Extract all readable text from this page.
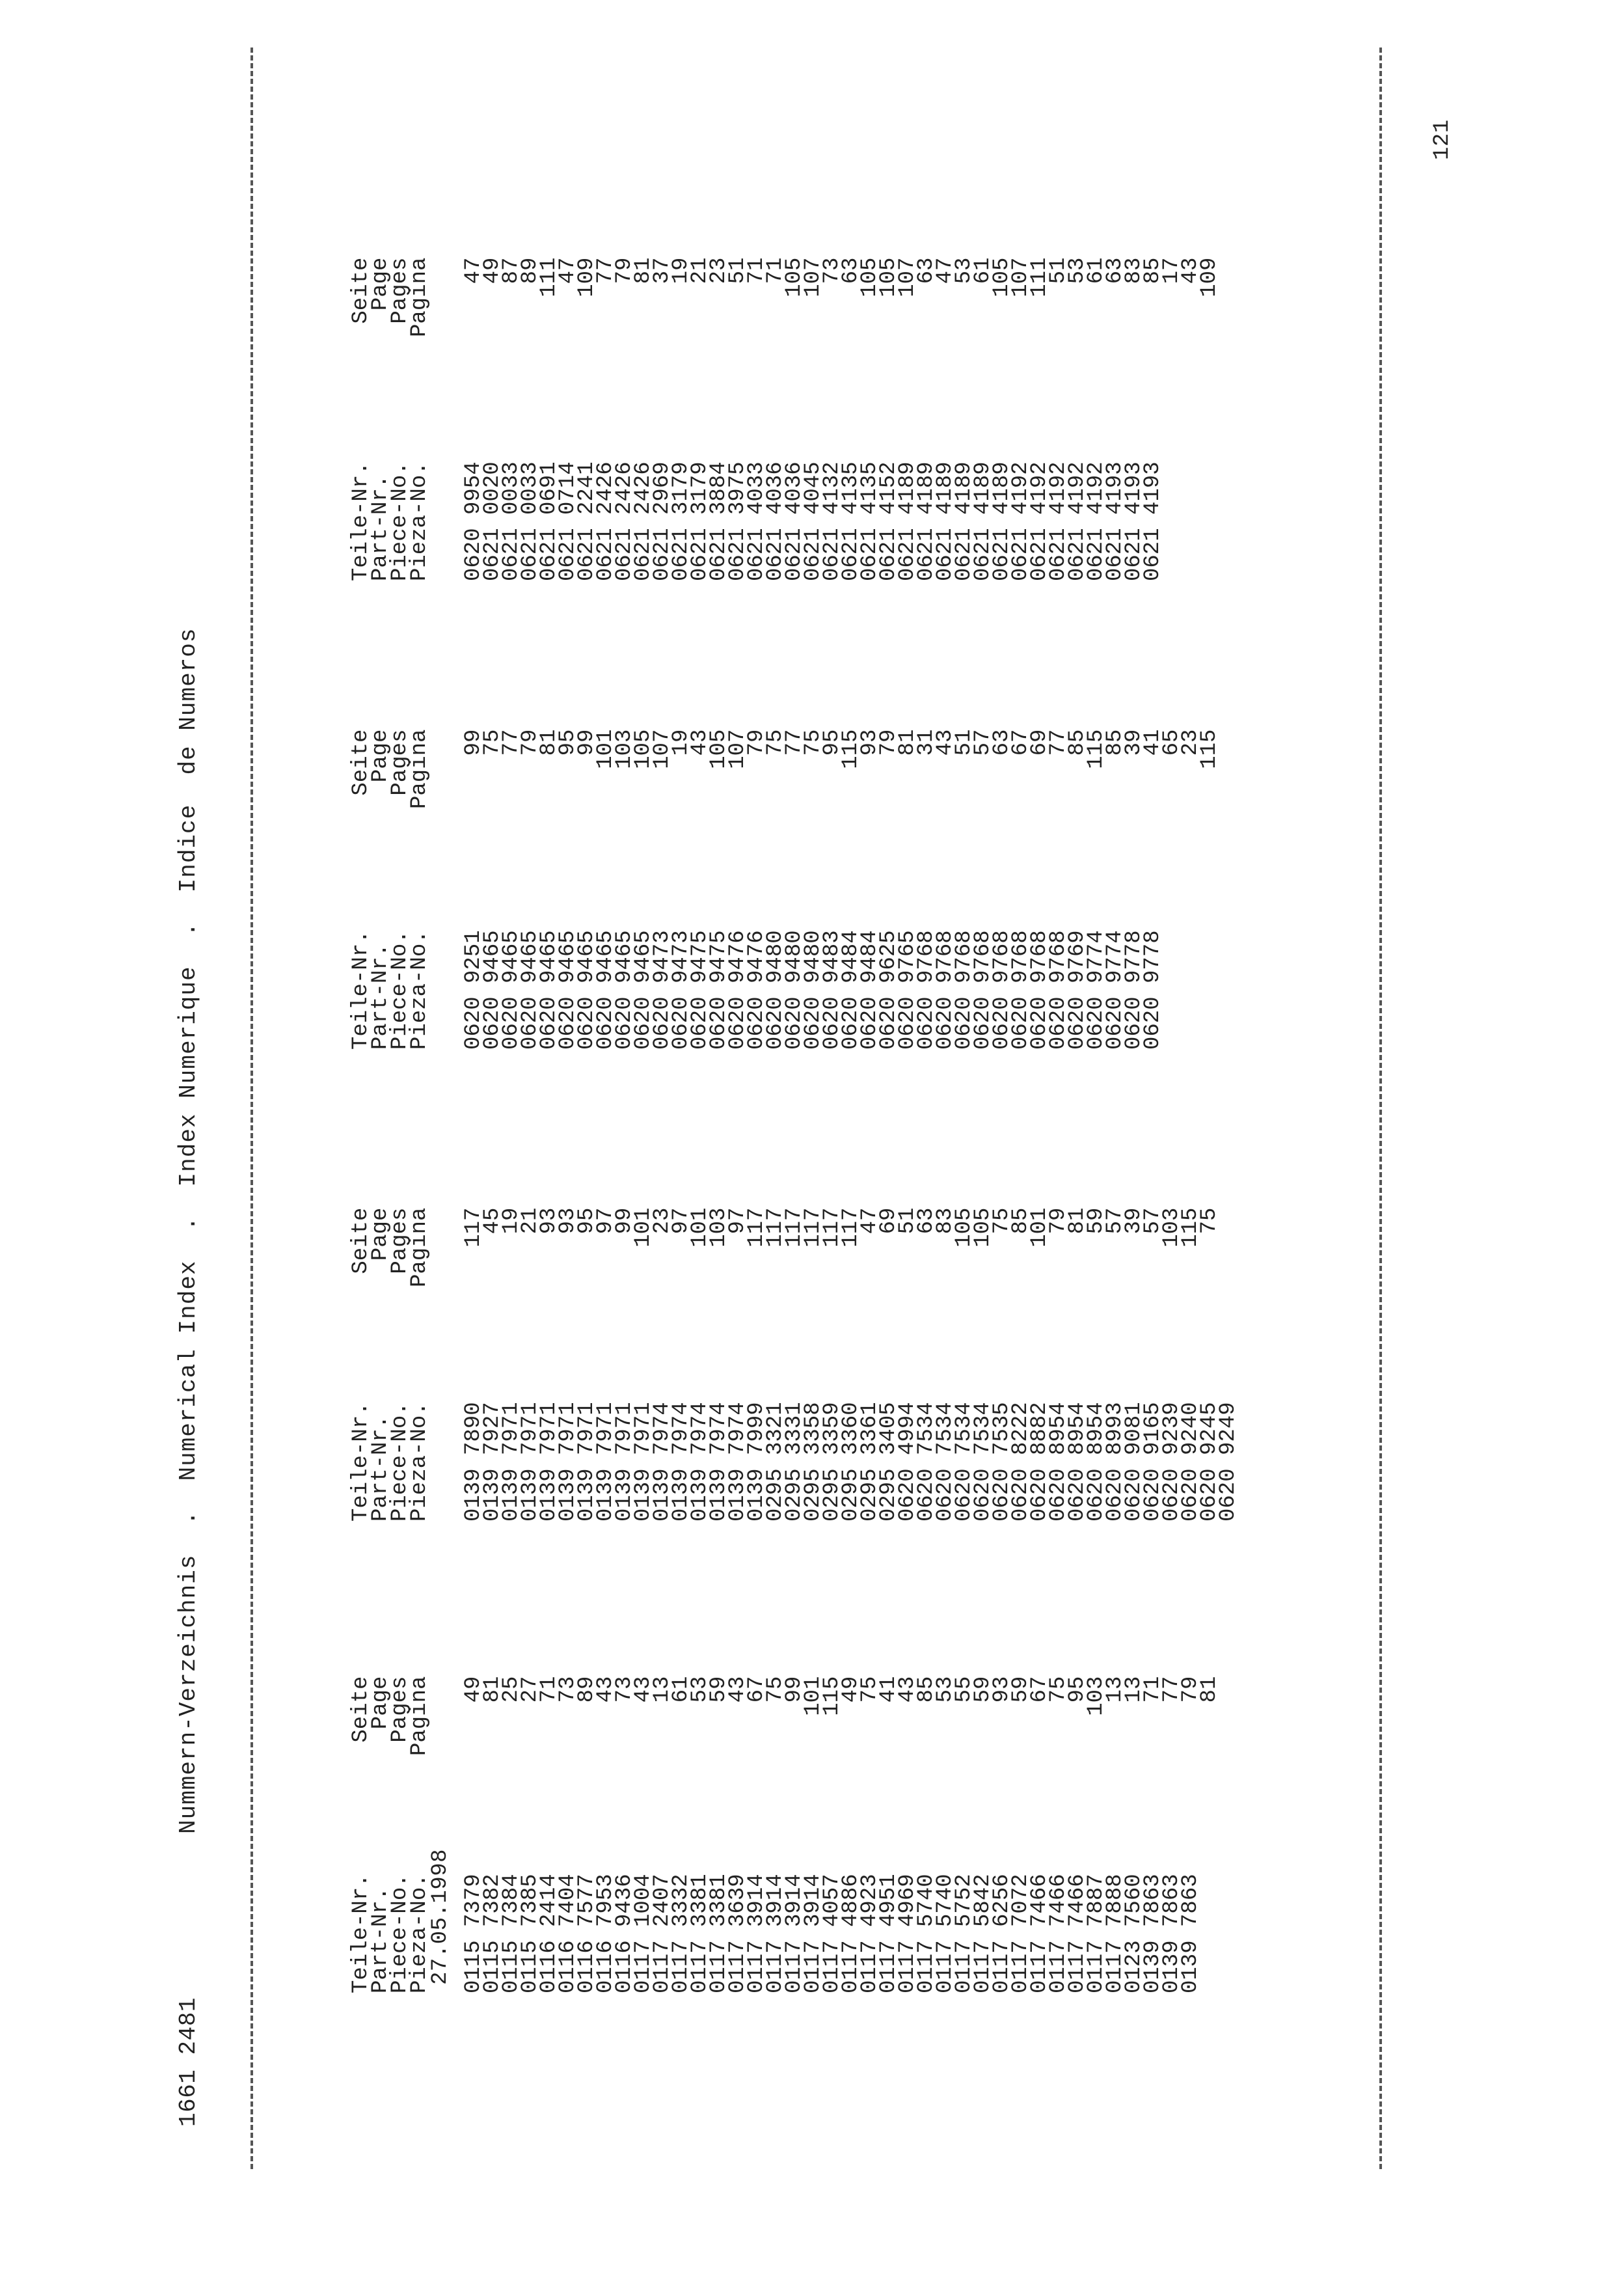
1661 2481
Nummern-Verzeichnis  .  Numerical Index  .  Index Numerique  .  Indice  de Numeros
27.05.1998
121
Teile-Nr.
Part-Nr.
Piece-No.
Pieza-No. 0115 7379
0115 7382
0115 7384
0115 7385
0116 2414
0116 7404
0116 7577
0116 7953
0116 9436
0117 1004
0117 2407
0117 3332
0117 3381
0117 3381
0117 3639
0117 3914
0117 3914
0117 3914
0117 3914
0117 4057
0117 4886
0117 4923
0117 4951
0117 4969
0117 5740
0117 5740
0117 5752
0117 5842
0117 6256
0117 7072
0117 7466
0117 7466
0117 7466
0117 7887
0117 7888
0123 7560
0139 7863
0139 7863
0139 7863
Seite
Page
Pages
Pagina 49
81
25
27
71
73
89
43
73
43
13
61
53
59
43
67
75
99
101
115
49
75
41
43
85
53
55
59
93
59
67
75
95
103
13
13
71
77
79
81
Teile-Nr.
Part-Nr.
Piece-No.
Pieza-No. 0139 7890
0139 7927
0139 7971
0139 7971
0139 7971
0139 7971
0139 7971
0139 7971
0139 7971
0139 7971
0139 7974
0139 7974
0139 7974
0139 7974
0139 7974
0139 7999
0295 3321
0295 3331
0295 3358
0295 3359
0295 3360
0295 3361
0295 3405
0620 4994
0620 7534
0620 7534
0620 7534
0620 7534
0620 7535
0620 8222
0620 8882
0620 8954
0620 8954
0620 8954
0620 8993
0620 9081
0620 9165
0620 9239
0620 9240
0620 9245
0620 9249
Seite
Page
Pages
Pagina 117
45
19
21
93
93
95
97
99
101
23
97
101
103
97
117
117
117
117
117
117
47
69
51
63
83
105
105
75
85
101
79
81
59
57
39
57
103
115
75
Teile-Nr.
Part-Nr.
Piece-No.
Pieza-No. 0620 9251
0620 9465
0620 9465
0620 9465
0620 9465
0620 9465
0620 9465
0620 9465
0620 9465
0620 9465
0620 9473
0620 9473
0620 9475
0620 9475
0620 9476
0620 9476
0620 9480
0620 9480
0620 9480
0620 9483
0620 9484
0620 9484
0620 9625
0620 9765
0620 9768
0620 9768
0620 9768
0620 9768
0620 9768
0620 9768
0620 9768
0620 9768
0620 9769
0620 9774
0620 9774
0620 9778
0620 9778
Seite
Page
Pages
Pagina 99
75
77
79
81
95
99
101
103
105
107
19
43
105
107
79
75
77
75
95
115
93
79
81
31
43
51
57
63
67
69
77
85
115
85
39
41
65
23
115
Teile-Nr.
Part-Nr.
Piece-No.
Pieza-No. 0620 9954
0621 0020
0621 0033
0621 0033
0621 0691
0621 0714
0621 2241
0621 2426
0621 2426
0621 2426
0621 2969
0621 3179
0621 3179
0621 3884
0621 3975
0621 4033
0621 4036
0621 4036
0621 4045
0621 4132
0621 4135
0621 4135
0621 4152
0621 4189
0621 4189
0621 4189
0621 4189
0621 4189
0621 4189
0621 4192
0621 4192
0621 4192
0621 4192
0621 4192
0621 4193
0621 4193
0621 4193
Seite
Page
Pages
Pagina 47
49
87
89
111
47
109
77
79
81
37
19
21
23
51
71
71
105
107
73
63
105
105
107
63
47
53
61
105
107
111
51
53
61
63
83
85
17
43
109
